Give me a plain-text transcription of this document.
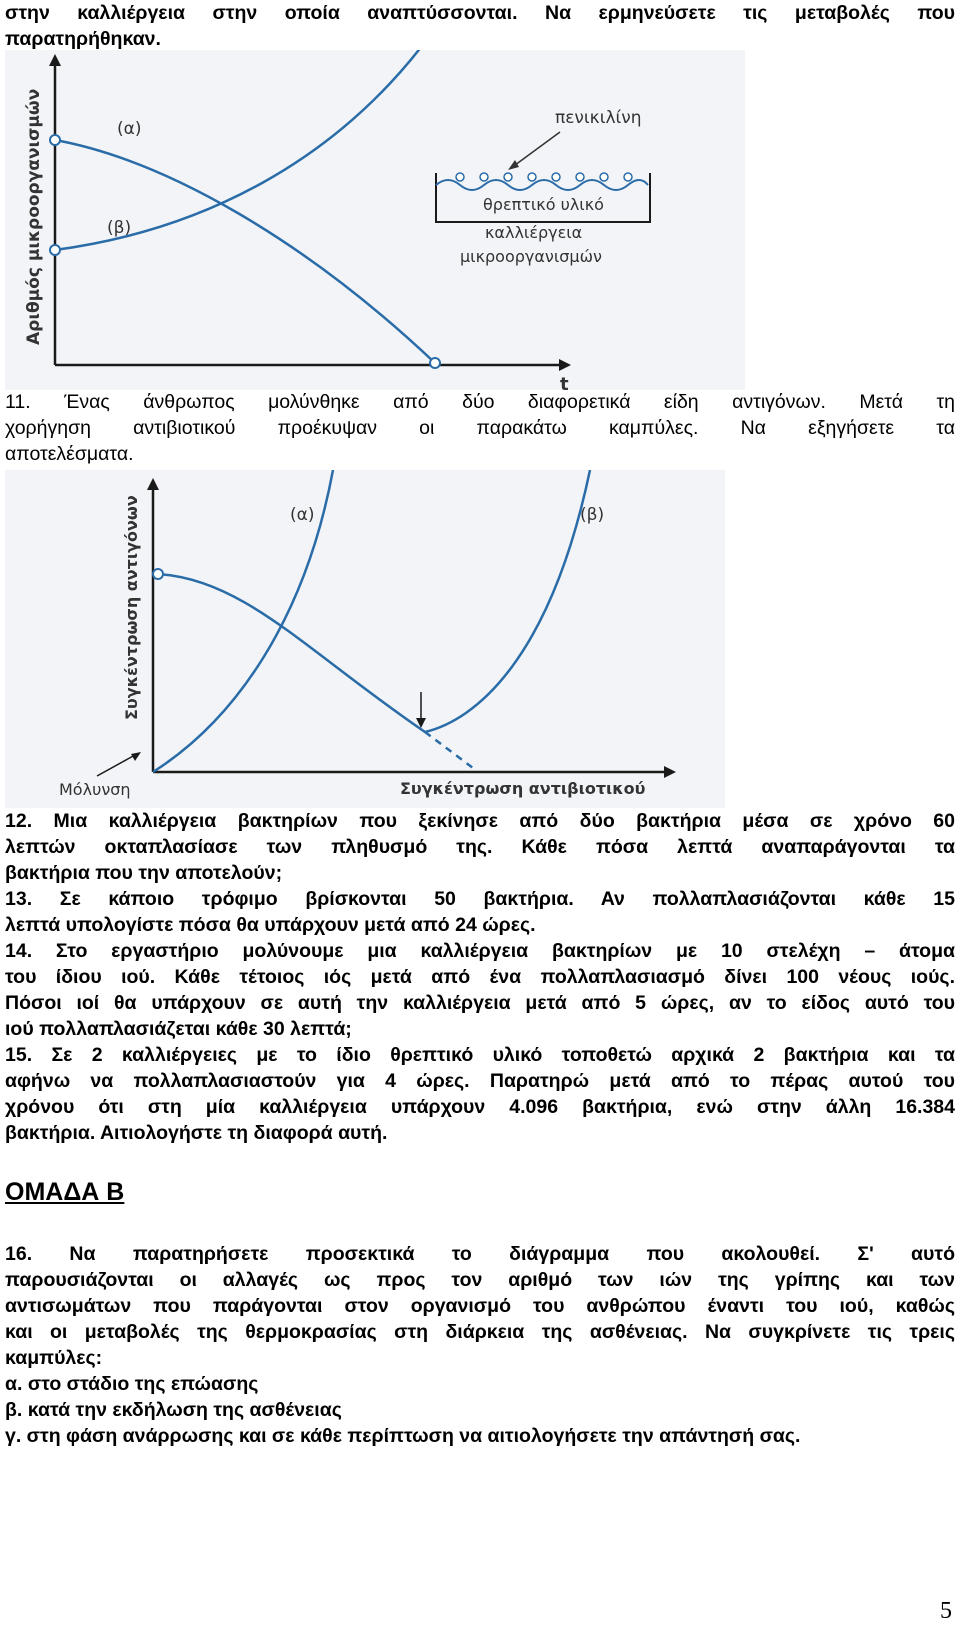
στην καλλιέργεια στην οποία αναπτύσσονται. Να ερμηνεύσετε τις μεταβολές που
παρατηρήθηκαν.
Αριθμός μικροοργανισμών
t
(α)
(β)
πενικιλίνη
θρεπτικό υλικό
καλλιέργεια
μικροοργανισμών
11. Ένας άνθρωπος μολύνθηκε από δύο διαφορετικά είδη αντιγόνων. Μετά τη
χορήγηση αντιβιοτικού προέκυψαν οι παρακάτω καμπύλες. Να εξηγήσετε τα
αποτελέσματα.
Συγκέντρωση αντιγόνων
Συγκέντρωση αντιβιοτικού
Μόλυνση
(α)	(β)
12. Μια καλλιέργεια βακτηρίων που ξεκίνησε από δύο βακτήρια μέσα σε χρόνο 60
λεπτών οκταπλασίασε των πληθυσμό της. Κάθε πόσα λεπτά αναπαράγονται τα
βακτήρια που την αποτελούν;
13. Σε κάποιο τρόφιμο βρίσκονται 50 βακτήρια. Αν πολλαπλασιάζονται κάθε 15
λεπτά υπολογίστε πόσα θα υπάρχουν μετά από 24 ώρες.
14. Στο εργαστήριο μολύνουμε μια καλλιέργεια βακτηρίων με 10 στελέχη – άτομα
του ίδιου ιού. Κάθε τέτοιος ιός μετά από ένα πολλαπλασιασμό δίνει 100 νέους ιούς.
Πόσοι ιοί θα υπάρχουν σε αυτή την καλλιέργεια μετά από 5 ώρες, αν το είδος αυτό του
ιού πολλαπλασιάζεται κάθε 30 λεπτά;
15. Σε 2 καλλιέργειες με το ίδιο θρεπτικό υλικό τοποθετώ αρχικά 2 βακτήρια και τα
αφήνω να πολλαπλασιαστούν για 4 ώρες. Παρατηρώ μετά από το πέρας αυτού του
χρόνου ότι στη μία καλλιέργεια υπάρχουν 4.096 βακτήρια, ενώ στην άλλη 16.384
βακτήρια. Αιτιολογήστε τη διαφορά αυτή.
ΟΜΑΔΑ Β
16. Να παρατηρήσετε προσεκτικά το διάγραμμα που ακολουθεί. Σ' αυτό
παρουσιάζονται οι αλλαγές ως προς τον αριθμό των ιών της γρίπης και των
αντισωμάτων που παράγονται στον οργανισμό του ανθρώπου έναντι του ιού, καθώς
και οι μεταβολές της θερμοκρασίας στη διάρκεια της ασθένειας. Να συγκρίνετε τις τρεις
καμπύλες:
α. στο στάδιο της επώασης
β. κατά την εκδήλωση της ασθένειας
γ. στη φάση ανάρρωσης και σε κάθε περίπτωση να αιτιολογήσετε την απάντησή σας.
5
